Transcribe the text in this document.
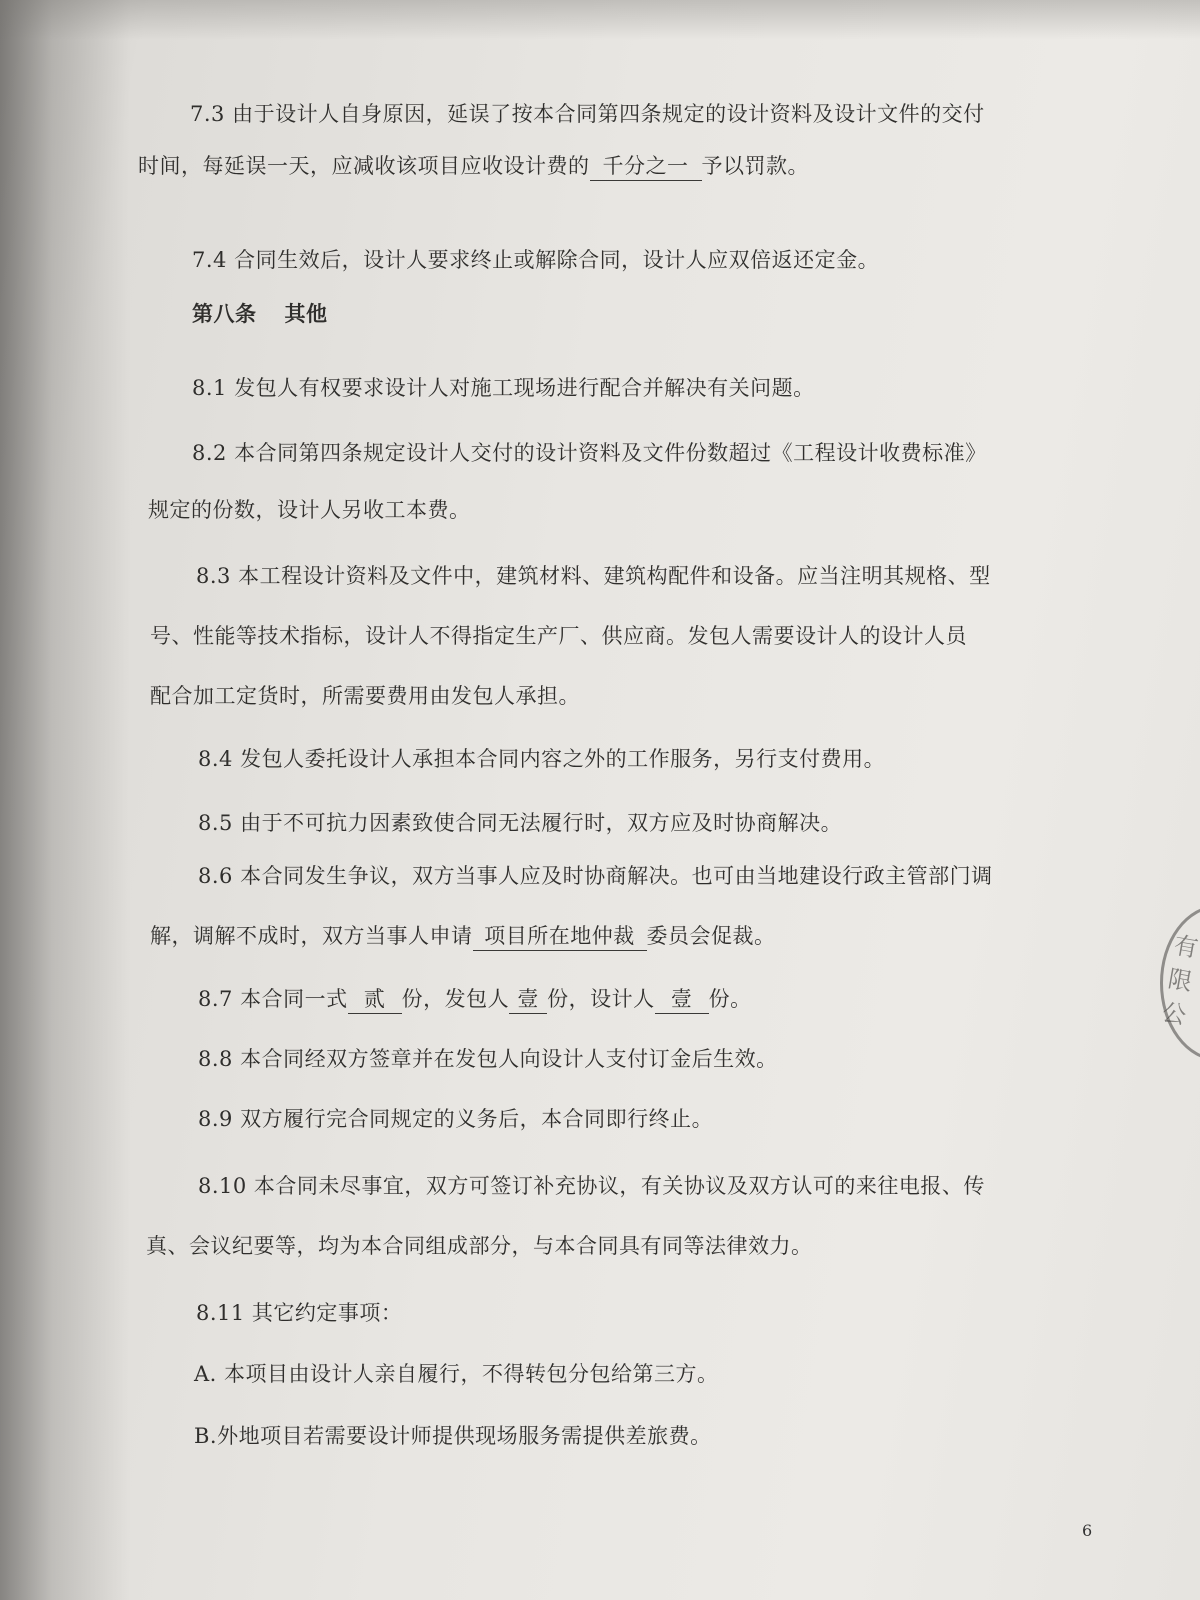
7.3 由于设计人自身原因，延误了按本合同第四条规定的设计资料及设计文件的交付

时间，每延误一天，应减收该项目应收设计费的 千分之一 予以罚款。

7.4 合同生效后，设计人要求终止或解除合同，设计人应双倍返还定金。

第八条 其他

8.1 发包人有权要求设计人对施工现场进行配合并解决有关问题。

8.2 本合同第四条规定设计人交付的设计资料及文件份数超过《工程设计收费标准》

规定的份数，设计人另收工本费。

8.3 本工程设计资料及文件中，建筑材料、建筑构配件和设备。应当注明其规格、型

号、性能等技术指标，设计人不得指定生产厂、供应商。发包人需要设计人的设计人员

配合加工定货时，所需要费用由发包人承担。

8.4 发包人委托设计人承担本合同内容之外的工作服务，另行支付费用。

8.5 由于不可抗力因素致使合同无法履行时，双方应及时协商解决。

8.6 本合同发生争议，双方当事人应及时协商解决。也可由当地建设行政主管部门调

解，调解不成时，双方当事人申请 项目所在地仲裁 委员会促裁。

8.7 本合同一式 贰 份，发包人 壹 份，设计人 壹 份。

8.8 本合同经双方签章并在发包人向设计人支付订金后生效。

8.9 双方履行完合同规定的义务后，本合同即行终止。

8.10 本合同未尽事宜，双方可签订补充协议，有关协议及双方认可的来往电报、传

真、会议纪要等，均为本合同组成部分，与本合同具有同等法律效力。

8.11 其它约定事项：

A. 本项目由设计人亲自履行，不得转包分包给第三方。

B.外地项目若需要设计师提供现场服务需提供差旅费。

6
有限公
